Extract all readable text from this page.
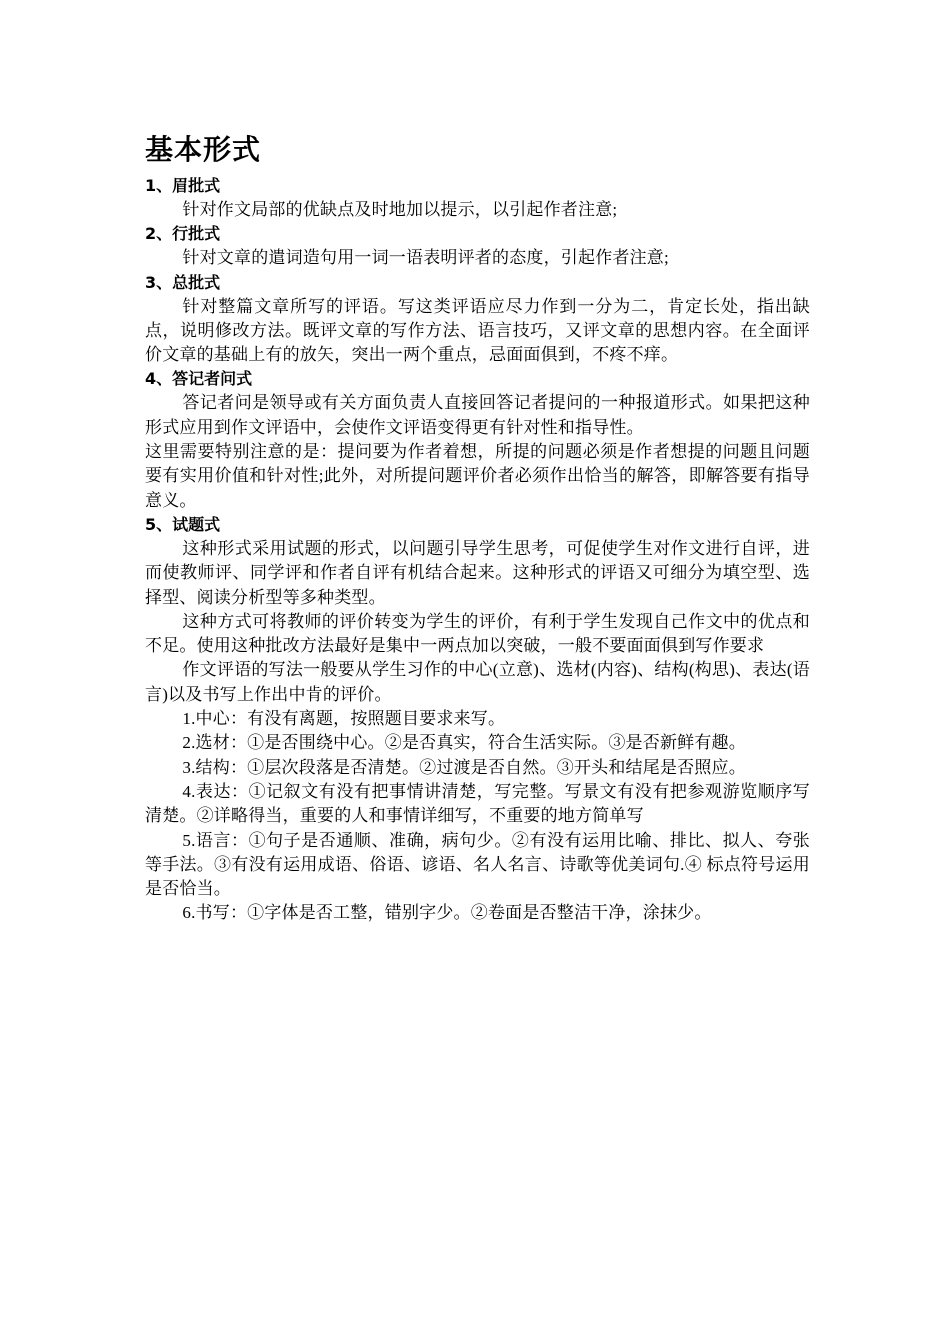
基本形式

1、眉批式

针对作文局部的优缺点及时地加以提示，以引起作者注意;

2、行批式

针对文章的遣词造句用一词一语表明评者的态度，引起作者注意;

3、总批式

针对整篇文章所写的评语。写这类评语应尽力作到一分为二，肯定长处，指出缺点，说明修改方法。既评文章的写作方法、语言技巧，又评文章的思想内容。在全面评价文章的基础上有的放矢，突出一两个重点，忌面面俱到，不疼不痒。

4、答记者问式

答记者问是领导或有关方面负责人直接回答记者提问的一种报道形式。如果把这种形式应用到作文评语中，会使作文评语变得更有针对性和指导性。

这里需要特别注意的是：提问要为作者着想，所提的问题必须是作者想提的问题且问题要有实用价值和针对性;此外，对所提问题评价者必须作出恰当的解答，即解答要有指导意义。

5、试题式

这种形式采用试题的形式，以问题引导学生思考，可促使学生对作文进行自评，进而使教师评、同学评和作者自评有机结合起来。这种形式的评语又可细分为填空型、选择型、阅读分析型等多种类型。

这种方式可将教师的评价转变为学生的评价，有利于学生发现自己作文中的优点和不足。使用这种批改方法最好是集中一两点加以突破，一般不要面面俱到写作要求

作文评语的写法一般要从学生习作的中心(立意)、选材(内容)、结构(构思)、表达(语言)以及书写上作出中肯的评价。

1.中心：有没有离题，按照题目要求来写。

2.选材：①是否围绕中心。②是否真实，符合生活实际。③是否新鲜有趣。

3.结构：①层次段落是否清楚。②过渡是否自然。③开头和结尾是否照应。

4.表达：①记叙文有没有把事情讲清楚，写完整。写景文有没有把参观游览顺序写清楚。②详略得当，重要的人和事情详细写，不重要的地方简单写

5.语言：①句子是否通顺、准确，病句少。②有没有运用比喻、排比、拟人、夸张等手法。③有没有运用成语、俗语、谚语、名人名言、诗歌等优美词句.④ 标点符号运用是否恰当。

6.书写：①字体是否工整，错别字少。②卷面是否整洁干净，涂抹少。
